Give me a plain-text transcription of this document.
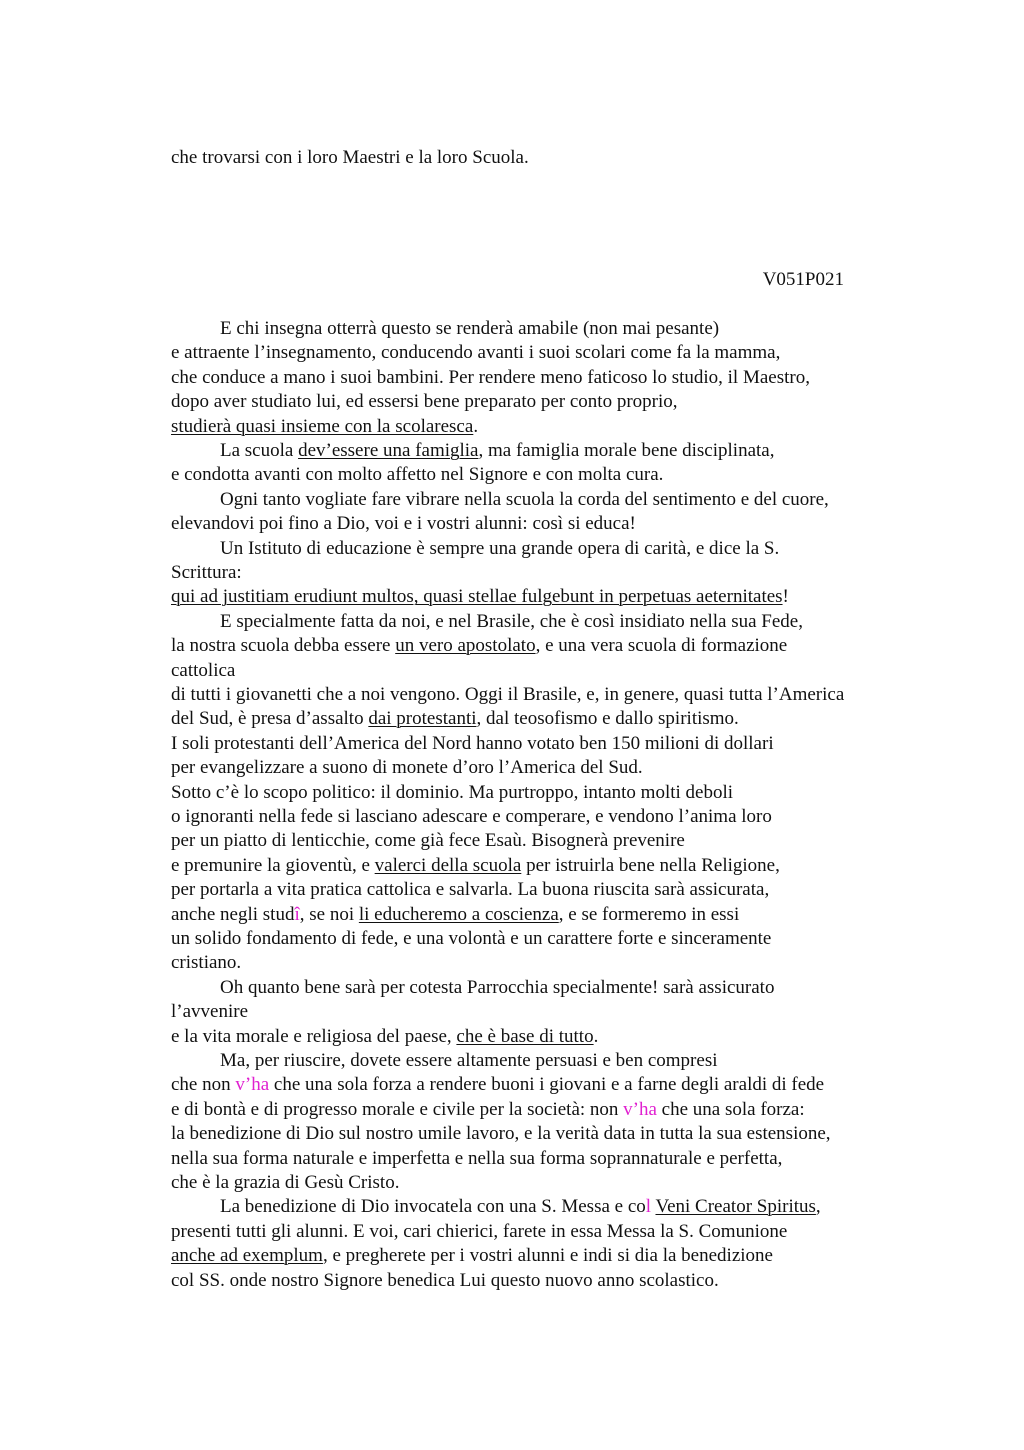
che trovarsi con i loro Maestri e la loro Scuola.
V051P021
E chi insegna otterrà questo se renderà amabile (non mai pesante)
e attraente l’insegnamento, conducendo avanti i suoi scolari come fa la mamma,
che conduce a mano i suoi bambini. Per rendere meno faticoso lo studio, il Maestro,
dopo aver studiato lui, ed essersi bene preparato per conto proprio,
studierà quasi insieme con la scolaresca.
La scuola dev’essere una famiglia, ma famiglia morale bene disciplinata,
e condotta avanti con molto affetto nel Signore e con molta cura.
Ogni tanto vogliate fare vibrare nella scuola la corda del sentimento e del cuore,
elevandovi poi fino a Dio, voi e i vostri alunni: così si educa!
Un Istituto di educazione è sempre una grande opera di carità, e dice la S.
Scrittura:
qui ad justitiam erudiunt multos, quasi stellae fulgebunt in perpetuas aeternitates!
E specialmente fatta da noi, e nel Brasile, che è così insidiato nella sua Fede,
la nostra scuola debba essere un vero apostolato, e una vera scuola di formazione
cattolica
di tutti i giovanetti che a noi vengono. Oggi il Brasile, e, in genere, quasi tutta l’America
del Sud, è presa d’assalto dai protestanti, dal teosofismo e dallo spiritismo.
I soli protestanti dell’America del Nord hanno votato ben 150 milioni di dollari
per evangelizzare a suono di monete d’oro l’America del Sud.
Sotto c’è lo scopo politico: il dominio. Ma purtroppo, intanto molti deboli
o ignoranti nella fede si lasciano adescare e comperare, e vendono l’anima loro
per un piatto di lenticchie, come già fece Esaù. Bisognerà prevenire
e premunire la gioventù, e valerci della scuola per istruirla bene nella Religione,
per portarla a vita pratica cattolica e salvarla. La buona riuscita sarà assicurata,
anche negli studî, se noi li educheremo a coscienza, e se formeremo in essi
un solido fondamento di fede, e una volontà e un carattere forte e sinceramente
cristiano.
Oh quanto bene sarà per cotesta Parrocchia specialmente! sarà assicurato
l’avvenire
e la vita morale e religiosa del paese, che è base di tutto.
Ma, per riuscire, dovete essere altamente persuasi e ben compresi
che non v’ha che una sola forza a rendere buoni i giovani e a farne degli araldi di fede
e di bontà e di progresso morale e civile per la società: non v’ha che una sola forza:
la benedizione di Dio sul nostro umile lavoro, e la verità data in tutta la sua estensione,
nella sua forma naturale e imperfetta e nella sua forma soprannaturale e perfetta,
che è la grazia di Gesù Cristo.
La benedizione di Dio invocatela con una S. Messa e col Veni Creator Spiritus,
presenti tutti gli alunni. E voi, cari chierici, farete in essa Messa la S. Comunione
anche ad exemplum, e pregherete per i vostri alunni e indi si dia la benedizione
col SS. onde nostro Signore benedica Lui questo nuovo anno scolastico.
